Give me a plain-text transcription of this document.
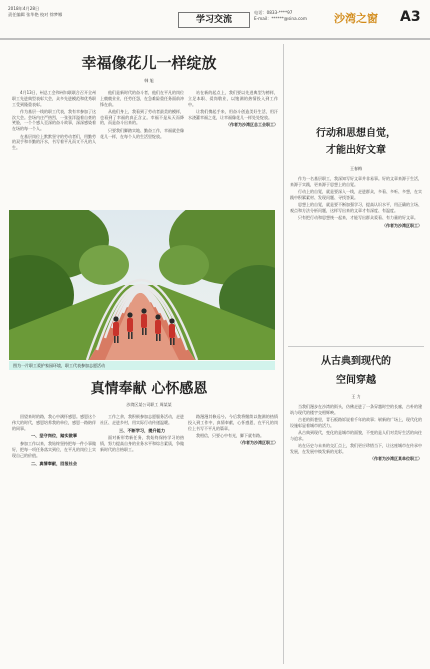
2018年4月28日
责任编辑 张华艳 校对 徐梦娜
学习交流
电话：0833-****97
E-mail：******@sina.com 沙湾之窗 A3
幸福像花儿一样绽放
韩 旭

4月13日，州总工会和州妇联联合召开全州职工先进典型表彰大会，众多先进模范和优秀职工受到隆重表彰。

作为基层一线的职工代表，我有幸参加了这次大会。会场内庄严热烈，一张张洋溢着自豪的笑脸，一个个感人至深的奋斗故事，深深感染着在场的每一个人。

在基层岗位上默默坚守的劳动者们，用勤劳的双手和辛勤的汗水，书写着平凡而又不凡的人生。

他们是新时代的奋斗者，他们在平凡的岗位上兢兢业业，任劳任怨，在急难险重任务面前冲锋在前。

从他们身上，我看到了劳动者最美的模样，也看到了幸福的真正含义。幸福不是从天而降的，而是奋斗出来的。

只要我们脚踏实地、勤奋工作，幸福就会像花儿一样，在每个人的生活里绽放。

站在新的起点上，我们要以先进典型为榜样，立足本职、爱岗敬业，以饱满的热情投入到工作中。

让我们携起手来，用奋斗创造美好生活，用汗水浇灌幸福之花，让幸福像花儿一样处处绽放。

（作者为沙湾区总工会职工）

图为一片职工爱护家园环境，职工代表参加志愿活动
真情奉献 心怀感恩
沙湾区某公司职工 周某某

回望来时的路，我心中满怀感恩。感恩这个伟大的时代，感恩培养我的单位，感恩一路陪伴的同事。

一、坚守岗位，踏实做事

参加工作以来，我始终坚持把每一件小事做好，把每一项任务落实到位，在平凡的岗位上实现自己的价值。

二、真情奉献，回报社会

工作之余，我积极参加志愿服务活动，走进社区、走进乡村，用实际行动传递温暖。

三、不断学习，提升能力

面对新形势新任务，我始终保持学习的热情，努力提高自身的业务水平和综合素质，争做新时代的合格职工。

路漫漫其修远兮。今后我将继续以饱满的热情投入到工作中，真情奉献，心怀感恩，在平凡的岗位上书写不平凡的篇章。

我相信，只要心中有光，脚下就有路。

（作者为沙湾区职工）

行动和思想自觉，
才能出好文章
王春梅

作为一名基层职工，我深知写好文章并非易事。好的文章来源于生活，来源于实践，更来源于思想上的自觉。

行动上的自觉，就是要深入一线，走进群众，多看、多听、多想，在实践中积累素材、发现问题、寻找答案。

思想上的自觉，就是要不断加强学习，提高认识水平，用正确的立场、观点和方法分析问题，这样写出来的文章才有深度、有温度。

只有把行动和思想统一起来，才能写出群众爱看、有力量的好文章。

（作者为沙湾区职工）

从古典到现代的
空间穿越
王 力

当我们漫步在沙湾的街头，仿佛走进了一条穿越时空的长廊，古朴的建筑与现代的楼宇交相辉映。

古老的街巷里，青石板路诉说着千年的故事；崭新的广场上，现代化的设施彰显着城市的活力。

从古典到现代，变化的是城市的面貌，不变的是人们对美好生活的向往与追求。

站在历史与未来的交汇点上，我们更应珍惜当下，让这座城市在传承中发展，在发展中焕发新的光彩。

（作者为沙湾区某单位职工）
